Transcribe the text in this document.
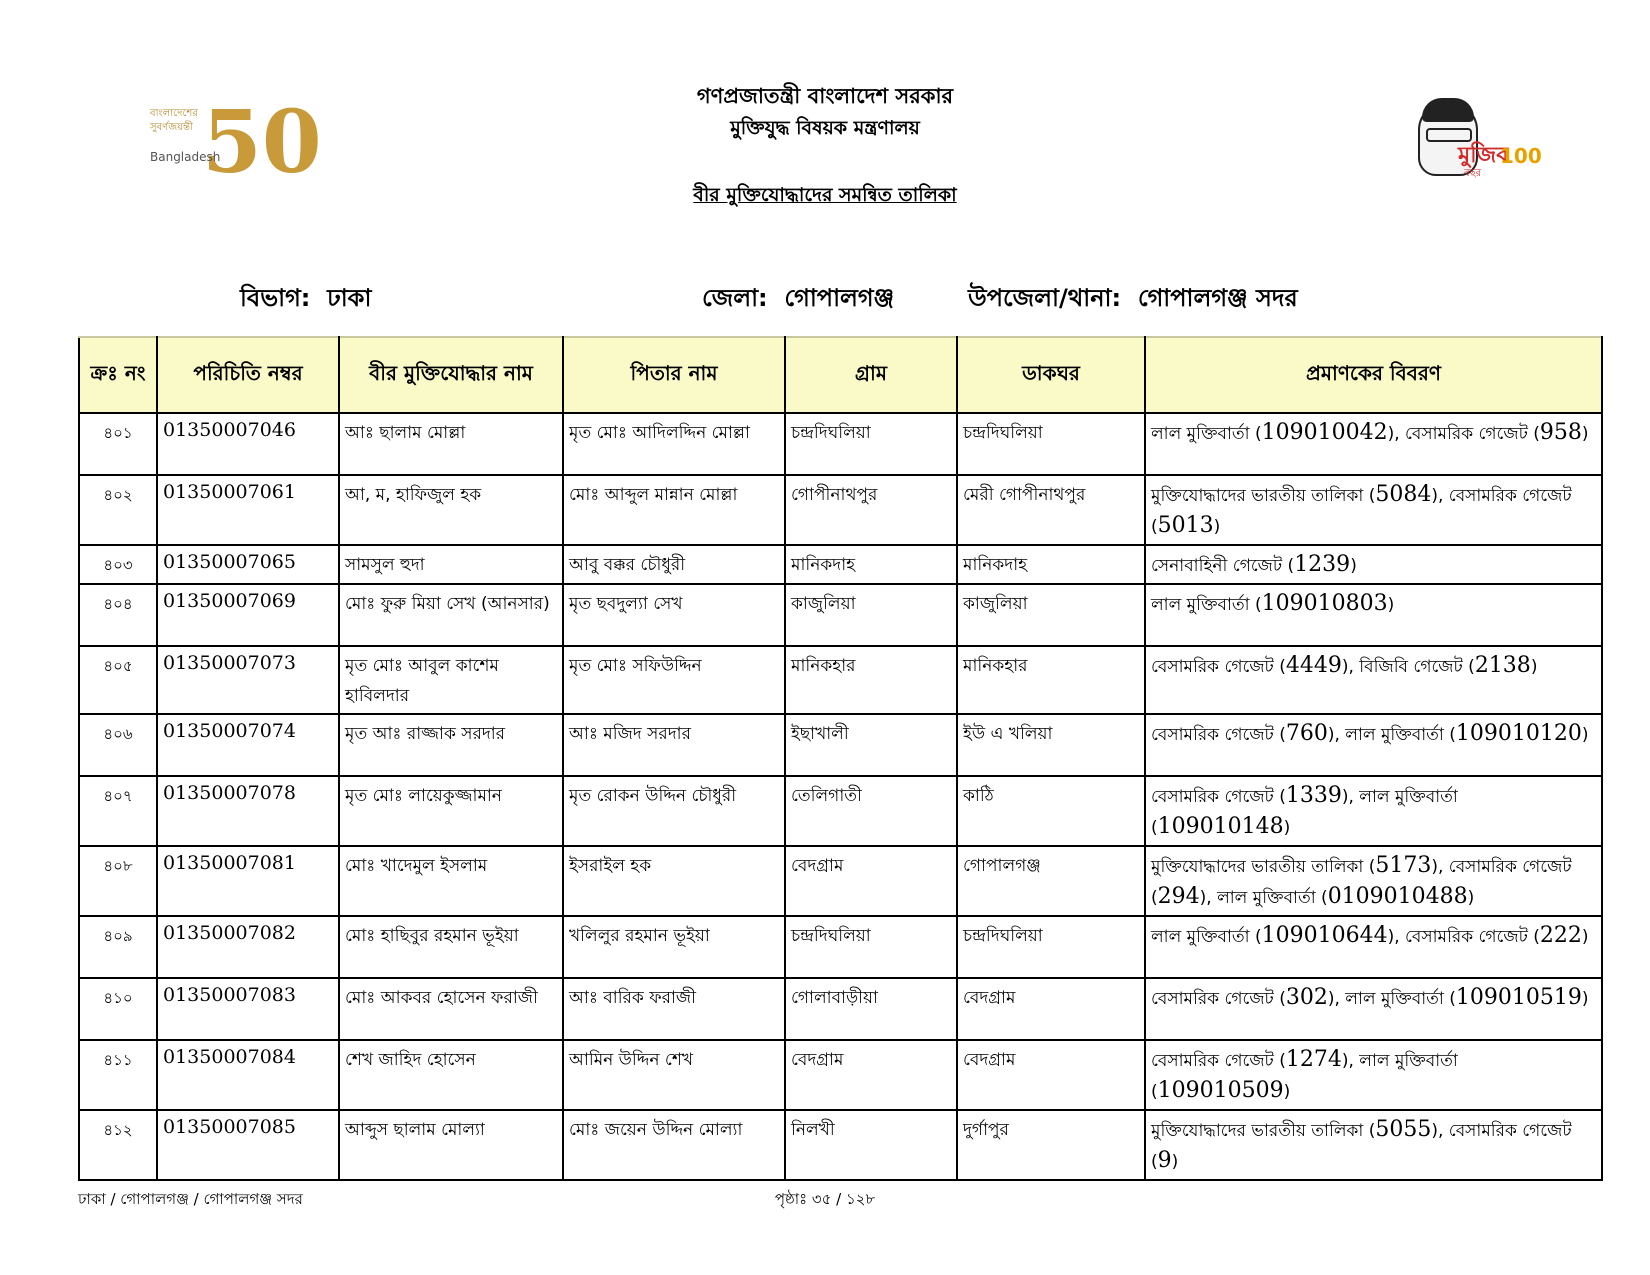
গণপ্রজাতন্ত্রী বাংলাদেশ সরকার
মুক্তিযুদ্ধ বিষয়ক মন্ত্রণালয়
বীর মুক্তিযোদ্ধাদের সমন্বিত তালিকা
বাংলাদেশের
সুবর্ণজয়ন্তী 50
Bangladesh	মুজিব
100
বছর
বিভাগ: ঢাকা	জেলা: গোপালগঞ্জ	উপজেলা/থানা: গোপালগঞ্জ সদর
ক্রঃ নং	পরিচিতি নম্বর	বীর মুক্তিযোদ্ধার নাম	পিতার নাম	গ্রাম	ডাকঘর	প্রমাণকের বিবরণ
৪০১	01350007046	আঃ ছালাম মোল্লা	মৃত মোঃ আদিলদ্দিন মোল্লা	চন্দ্রদিঘলিয়া	চন্দ্রদিঘলিয়া	লাল মুক্তিবার্তা (109010042), বেসামরিক গেজেট (958)
৪০২	01350007061	আ, ম, হাফিজুল হক	মোঃ আব্দুল মান্নান মোল্লা	গোপীনাথপুর	মেরী গোপীনাথপুর	মুক্তিযোদ্ধাদের ভারতীয় তালিকা (5084), বেসামরিক গেজেট (5013)
৪০৩	01350007065	সামসুল হুদা	আবু বক্কর চৌধুরী	মানিকদাহ	মানিকদাহ	সেনাবাহিনী গেজেট (1239)
৪০৪	01350007069	মোঃ ফুরু মিয়া সেখ (আনসার)	মৃত ছবদুল্যা সেখ	কাজুলিয়া	কাজুলিয়া	লাল মুক্তিবার্তা (109010803)
৪০৫	01350007073	মৃত মোঃ আবুল কাশেম হাবিলদার	মৃত মোঃ সফিউদ্দিন	মানিকহার	মানিকহার	বেসামরিক গেজেট (4449), বিজিবি গেজেট (2138)
৪০৬	01350007074	মৃত আঃ রাজ্জাক সরদার	আঃ মজিদ সরদার	ইছাখালী	ইউ এ খলিয়া	বেসামরিক গেজেট (760), লাল মুক্তিবার্তা (109010120)
৪০৭	01350007078	মৃত মোঃ লায়েকুজ্জামান	মৃত রোকন উদ্দিন চৌধুরী	তেলিগাতী	কাঠি	বেসামরিক গেজেট (1339), লাল মুক্তিবার্তা (109010148)
৪০৮	01350007081	মোঃ খাদেমুল ইসলাম	ইসরাইল হক	বেদগ্রাম	গোপালগঞ্জ	মুক্তিযোদ্ধাদের ভারতীয় তালিকা (5173), বেসামরিক গেজেট (294), লাল মুক্তিবার্তা (0109010488)
৪০৯	01350007082	মোঃ হাছিবুর রহমান ভূইয়া	খলিলুর রহমান ভূইয়া	চন্দ্রদিঘলিয়া	চন্দ্রদিঘলিয়া	লাল মুক্তিবার্তা (109010644), বেসামরিক গেজেট (222)
৪১০	01350007083	মোঃ আকবর হোসেন ফরাজী	আঃ বারিক ফরাজী	গোলাবাড়ীয়া	বেদগ্রাম	বেসামরিক গেজেট (302), লাল মুক্তিবার্তা (109010519)
৪১১	01350007084	শেখ জাহিদ হোসেন	আমিন উদ্দিন শেখ	বেদগ্রাম	বেদগ্রাম	বেসামরিক গেজেট (1274), লাল মুক্তিবার্তা (109010509)
৪১২	01350007085	আব্দুস ছালাম মোল্যা	মোঃ জয়েন উদ্দিন মোল্যা	নিলখী	দুর্গাপুর	মুক্তিযোদ্ধাদের ভারতীয় তালিকা (5055), বেসামরিক গেজেট (9)
ঢাকা / গোপালগঞ্জ / গোপালগঞ্জ সদর	পৃষ্ঠাঃ ৩৫ / ১২৮
